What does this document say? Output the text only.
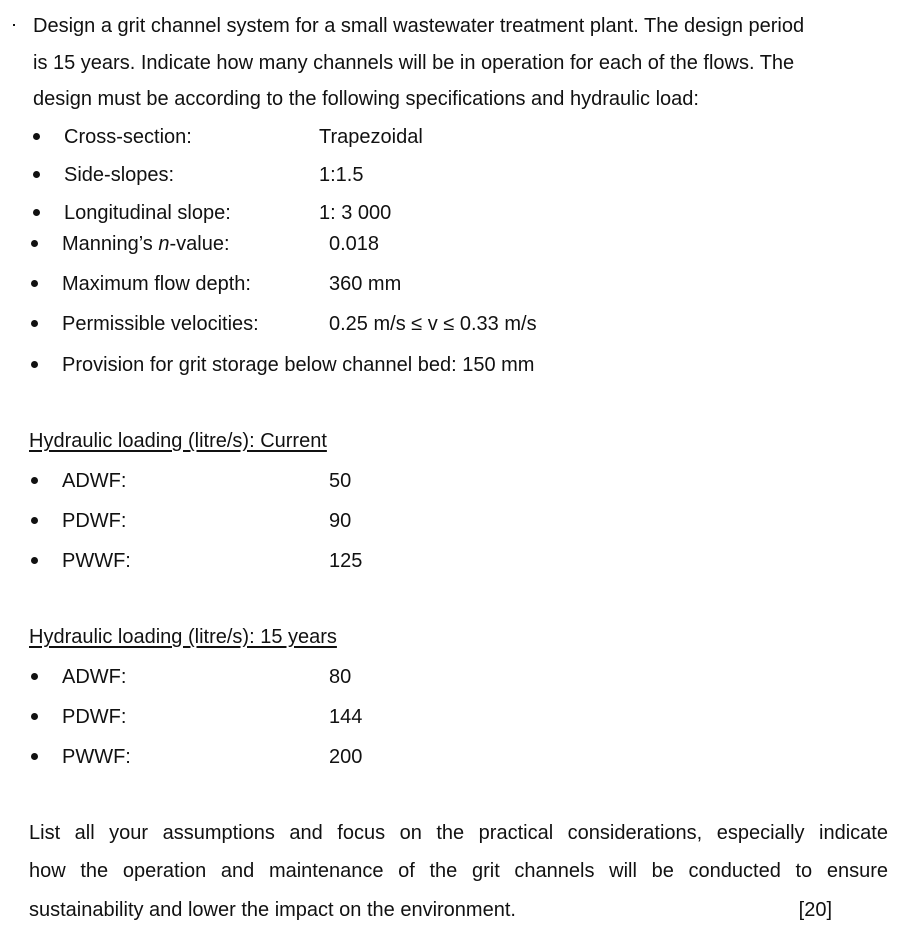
Design a grit channel system for a small wastewater treatment plant. The design period
is 15 years. Indicate how many channels will be in operation for each of the flows. The
design must be according to the following specifications and hydraulic load:
Cross-section:	Trapezoidal
Side-slopes:	1:1.5
Longitudinal slope:	1: 3 000
Manning’s n-value:	0.018
Maximum flow depth:	360 mm
Permissible velocities:	0.25 m/s ≤ v ≤ 0.33 m/s
Provision for grit storage below channel bed: 150 mm
Hydraulic loading (litre/s): Current
ADWF:	50
PDWF:	90
PWWF:	125
Hydraulic loading (litre/s): 15 years
ADWF:	80
PDWF:	144
PWWF:	200
List all your assumptions and focus on the practical considerations, especially indicate
how the operation and maintenance of the grit channels will be conducted to ensure
sustainability and lower the impact on the environment.	[20]
